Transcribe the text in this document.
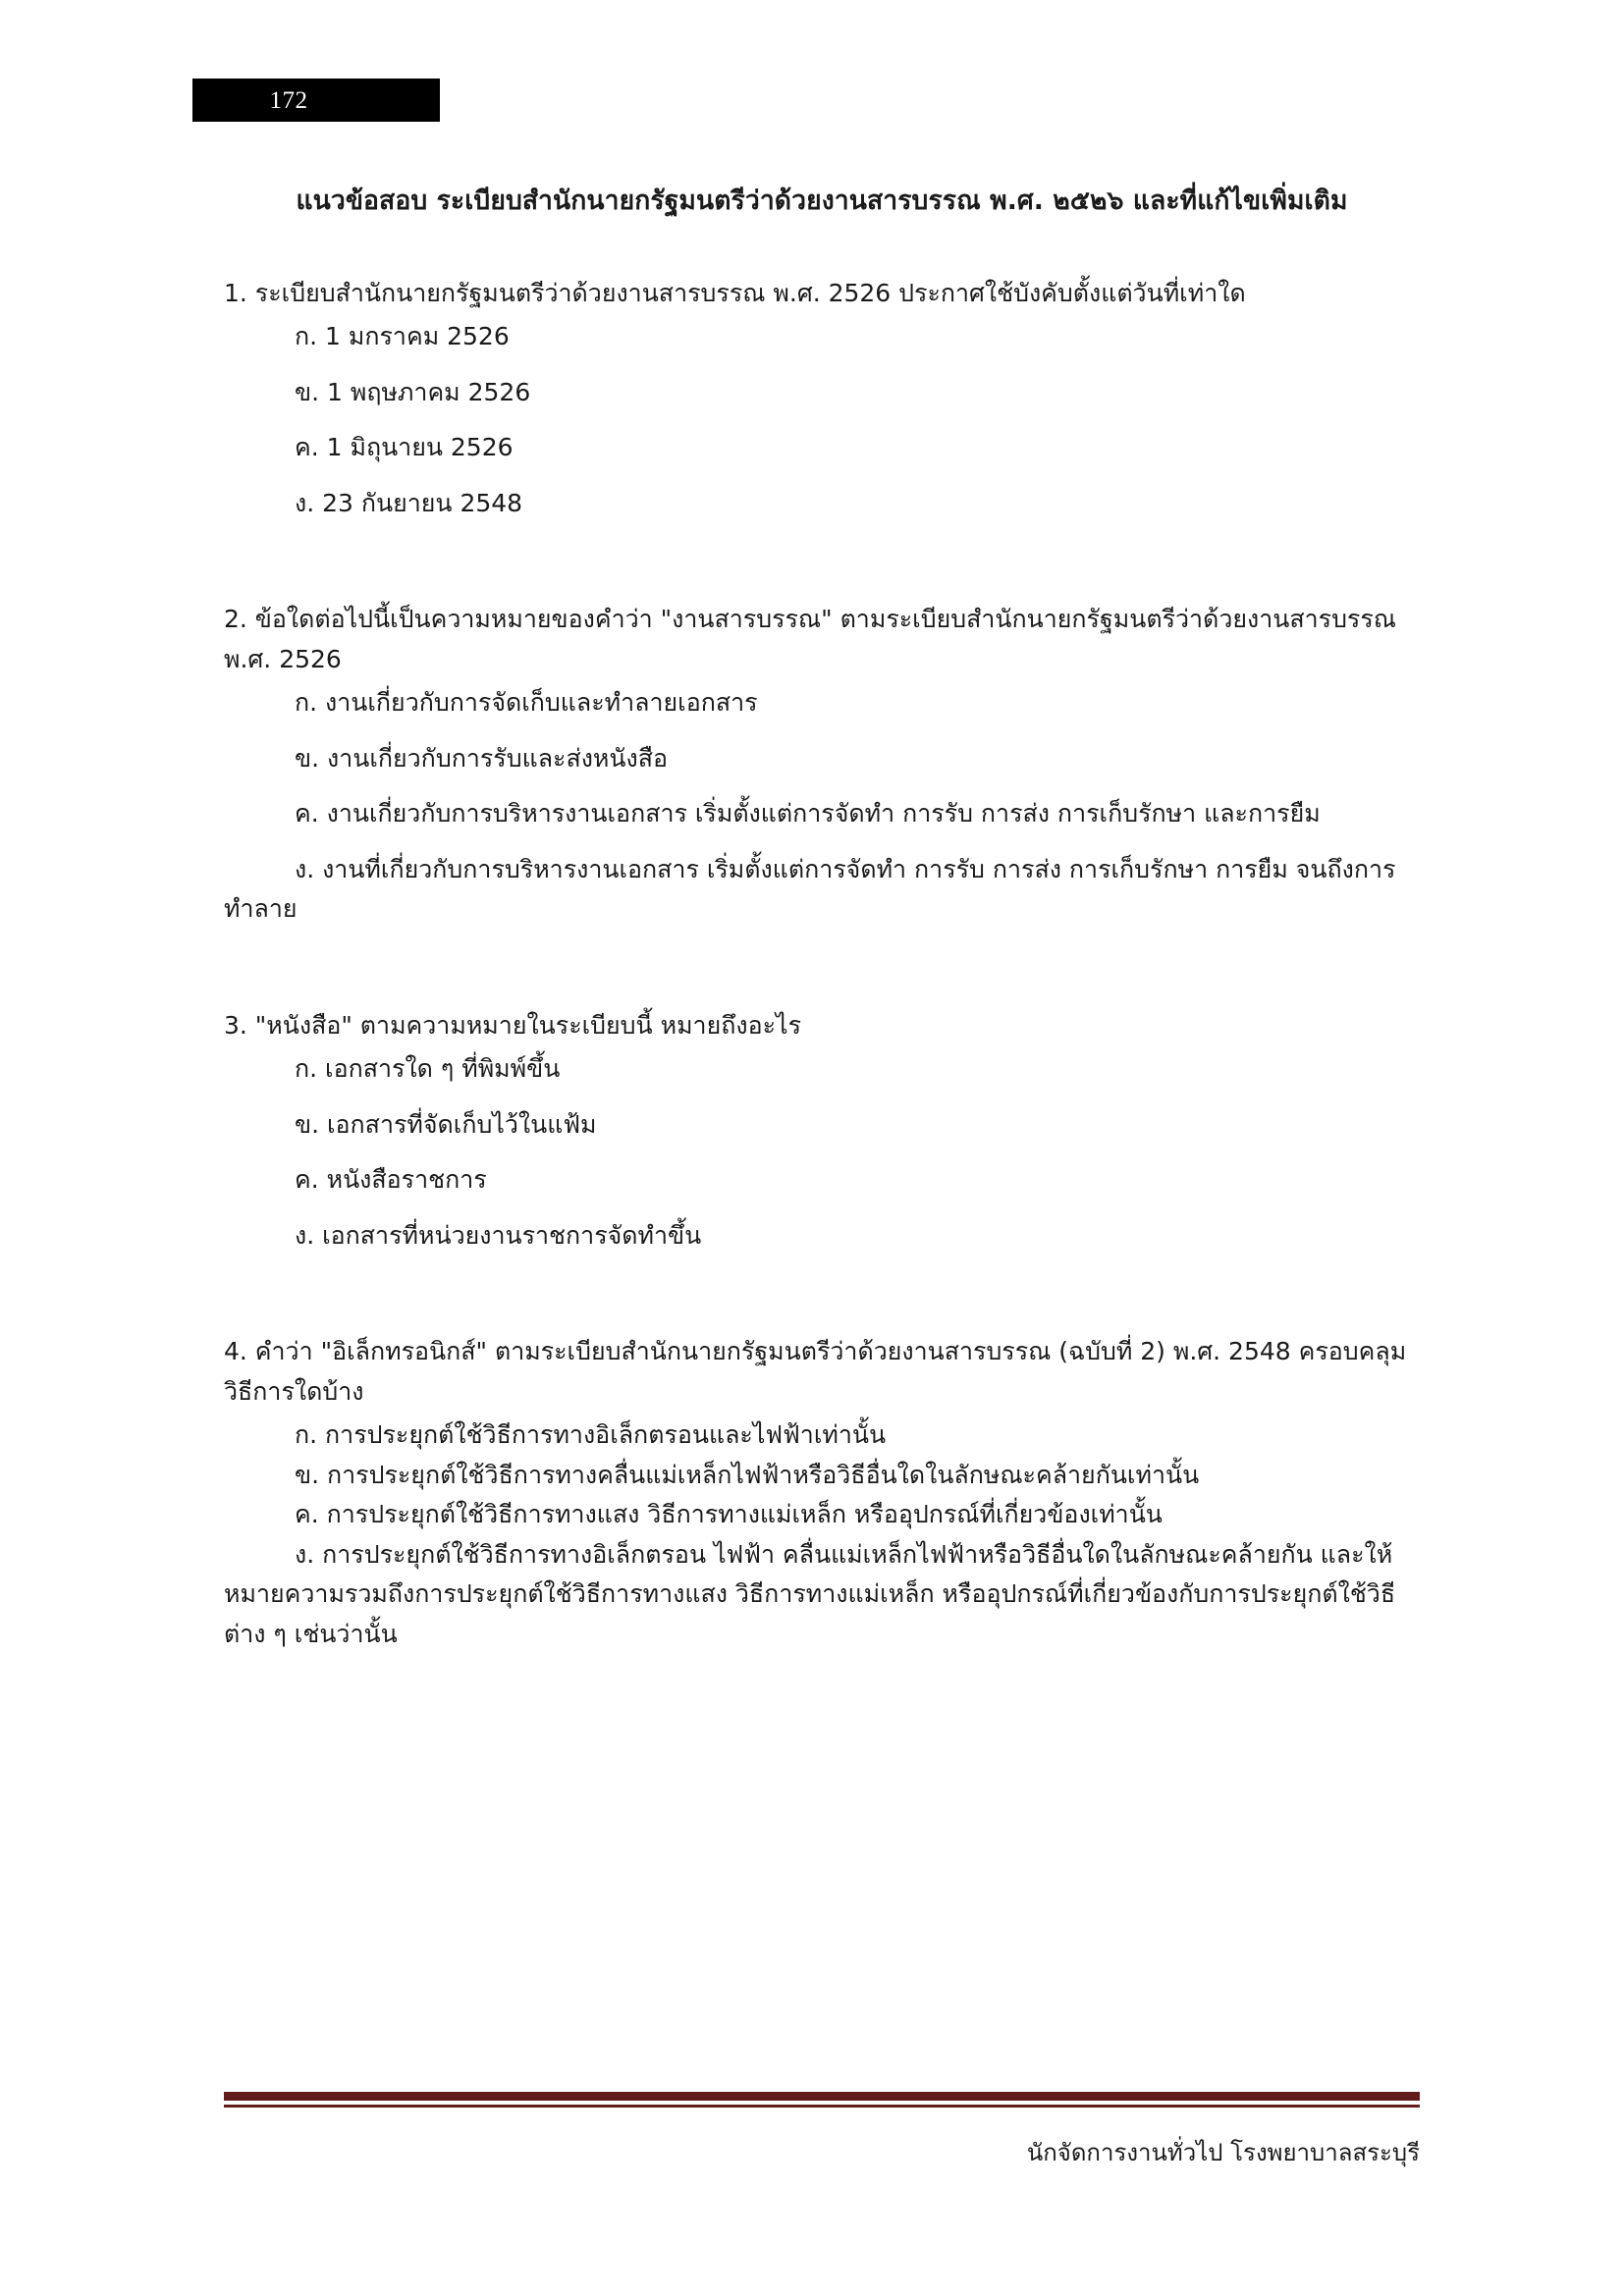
172
แนวข้อสอบ ระเบียบสำนักนายกรัฐมนตรีว่าด้วยงานสารบรรณ พ.ศ. ๒๕๒๖ และที่แก้ไขเพิ่มเติม

1. ระเบียบสำนักนายกรัฐมนตรีว่าด้วยงานสารบรรณ พ.ศ. 2526 ประกาศใช้บังคับตั้งแต่วันที่เท่าใด

ก. 1 มกราคม 2526
ข. 1 พฤษภาคม 2526
ค. 1 มิถุนายน 2526
ง. 23 กันยายน 2548

2. ข้อใดต่อไปนี้เป็นความหมายของคำว่า "งานสารบรรณ" ตามระเบียบสำนักนายกรัฐมนตรีว่าด้วยงานสารบรรณ พ.ศ. 2526

ก. งานเกี่ยวกับการจัดเก็บและทำลายเอกสาร
ข. งานเกี่ยวกับการรับและส่งหนังสือ
ค. งานเกี่ยวกับการบริหารงานเอกสาร เริ่มตั้งแต่การจัดทำ การรับ การส่ง การเก็บรักษา และการยืม
ง. งานที่เกี่ยวกับการบริหารงานเอกสาร เริ่มตั้งแต่การจัดทำ การรับ การส่ง การเก็บรักษา การยืม จนถึงการทำลาย

3. "หนังสือ" ตามความหมายในระเบียบนี้ หมายถึงอะไร

ก. เอกสารใด ๆ ที่พิมพ์ขึ้น
ข. เอกสารที่จัดเก็บไว้ในแฟ้ม
ค. หนังสือราชการ
ง. เอกสารที่หน่วยงานราชการจัดทำขึ้น

4. คำว่า "อิเล็กทรอนิกส์" ตามระเบียบสำนักนายกรัฐมนตรีว่าด้วยงานสารบรรณ (ฉบับที่ 2) พ.ศ. 2548 ครอบคลุมวิธีการใดบ้าง

ก. การประยุกต์ใช้วิธีการทางอิเล็กตรอนและไฟฟ้าเท่านั้น
ข. การประยุกต์ใช้วิธีการทางคลื่นแม่เหล็กไฟฟ้าหรือวิธีอื่นใดในลักษณะคล้ายกันเท่านั้น
ค. การประยุกต์ใช้วิธีการทางแสง วิธีการทางแม่เหล็ก หรืออุปกรณ์ที่เกี่ยวข้องเท่านั้น
ง. การประยุกต์ใช้วิธีการทางอิเล็กตรอน ไฟฟ้า คลื่นแม่เหล็กไฟฟ้าหรือวิธีอื่นใดในลักษณะคล้ายกัน และให้หมายความรวมถึงการประยุกต์ใช้วิธีการทางแสง วิธีการทางแม่เหล็ก หรืออุปกรณ์ที่เกี่ยวข้องกับการประยุกต์ใช้วิธีต่าง ๆ เช่นว่านั้น
นักจัดการงานทั่วไป โรงพยาบาลสระบุรี
